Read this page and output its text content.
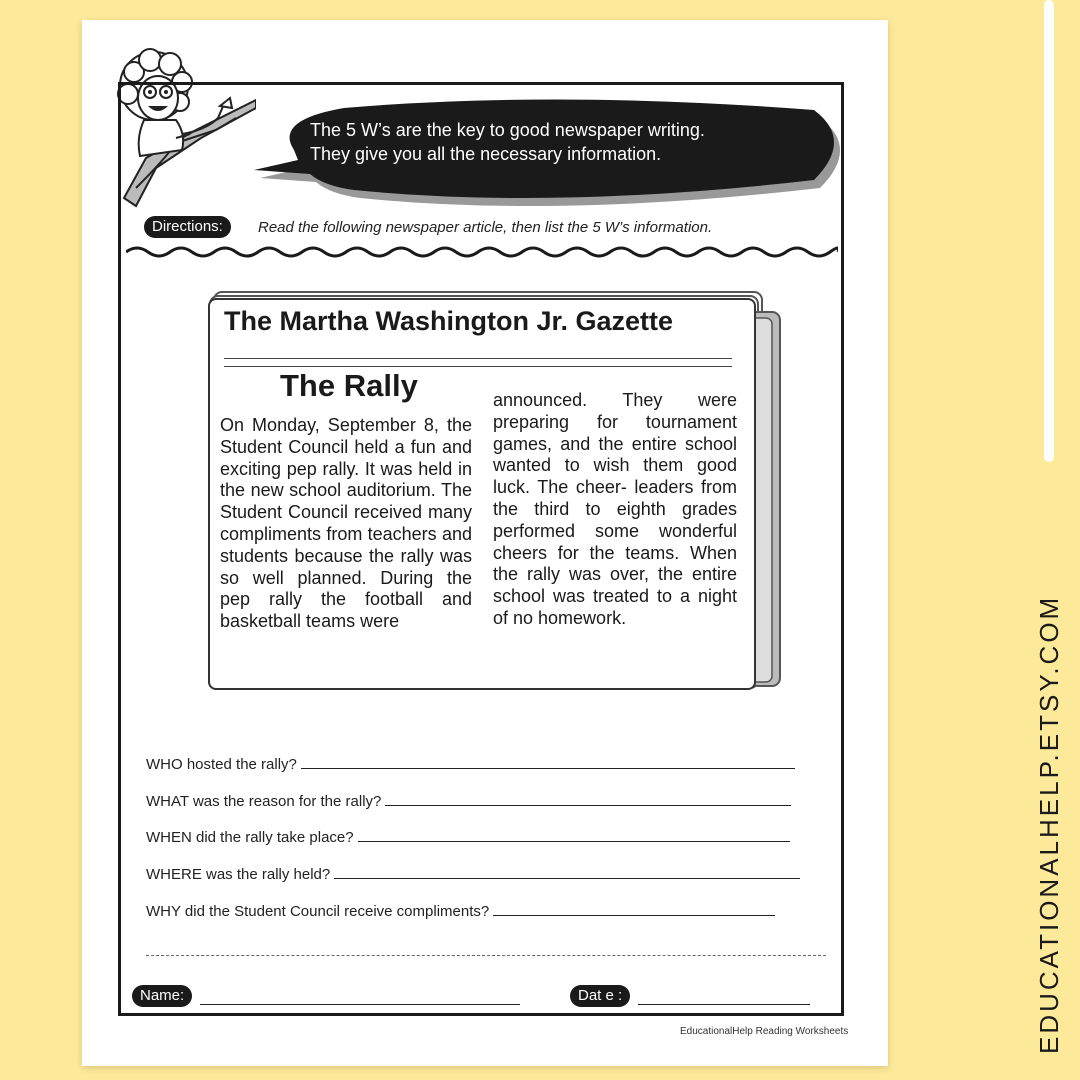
The 5 W’s are the key to good newspaper writing.
They give you all the necessary information.
Directions:	Read the following newspaper article, then list the 5 W’s information.
The Martha Washington Jr. Gazette
The Rally
On Monday, September 8, the Student Council held a fun and exciting pep rally. It was held in the new school auditorium. The Student Council received many compliments from teachers and students because the rally was so well planned. During the pep rally the football and basketball teams were
announced. They were preparing for tournament games, and the entire school wanted to wish them good luck. The cheer- leaders from the third to eighth grades performed some wonderful cheers for the teams. When the rally was over, the entire school was treated to a night of no homework.
WHO hosted the rally?
WHAT was the reason for the rally?
WHEN did the rally take place?
WHERE was the rally held?
WHY did the Student Council receive compliments?
Name:	Dat e :
EducationalHelp Reading Worksheets	EDUCATIONALHELP.ETSY.COM
